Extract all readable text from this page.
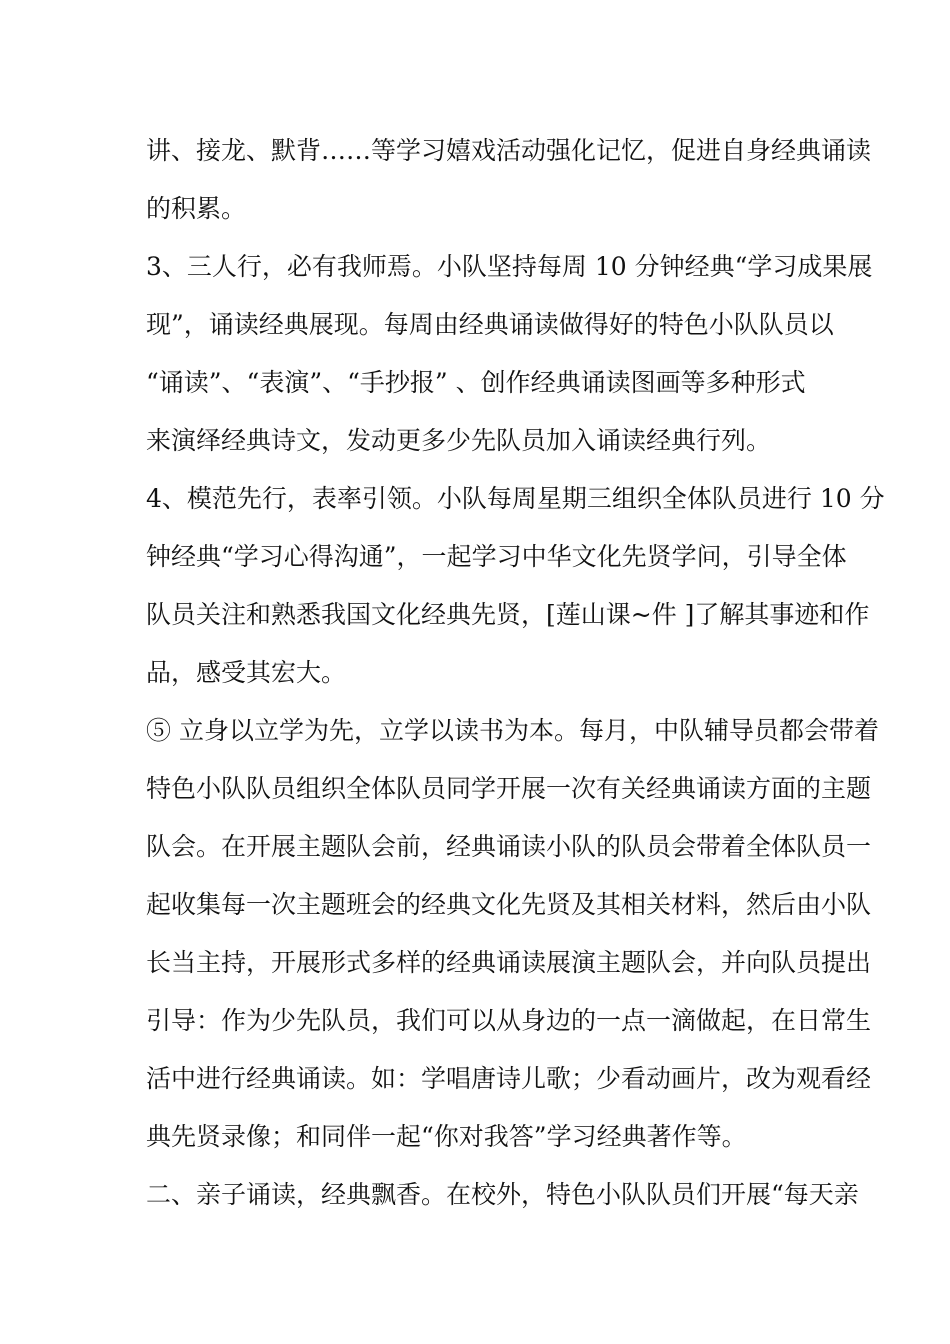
讲、接龙、默背……等学习嬉戏活动强化记忆，促进自身经典诵读
的积累。
3、三人行，必有我师焉。小队坚持每周 10 分钟经典“学习成果展
现”，诵读经典展现。每周由经典诵读做得好的特色小队队员以
“诵读”、“表演”、“手抄报” 、创作经典诵读图画等多种形式
来演绎经典诗文，发动更多少先队员加入诵读经典行列。
4、模范先行，表率引领。小队每周星期三组织全体队员进行 10 分
钟经典“学习心得沟通”，一起学习中华文化先贤学问，引导全体
队员关注和熟悉我国文化经典先贤，[莲山课~件 ]了解其事迹和作
品，感受其宏大。
⑤ 立身以立学为先，立学以读书为本。每月，中队辅导员都会带着
特色小队队员组织全体队员同学开展一次有关经典诵读方面的主题
队会。在开展主题队会前，经典诵读小队的队员会带着全体队员一
起收集每一次主题班会的经典文化先贤及其相关材料，然后由小队
长当主持，开展形式多样的经典诵读展演主题队会，并向队员提出
引导：作为少先队员，我们可以从身边的一点一滴做起，在日常生
活中进行经典诵读。如：学唱唐诗儿歌；少看动画片，改为观看经
典先贤录像；和同伴一起“你对我答”学习经典著作等。
二、亲子诵读，经典飘香。在校外，特色小队队员们开展“每天亲
